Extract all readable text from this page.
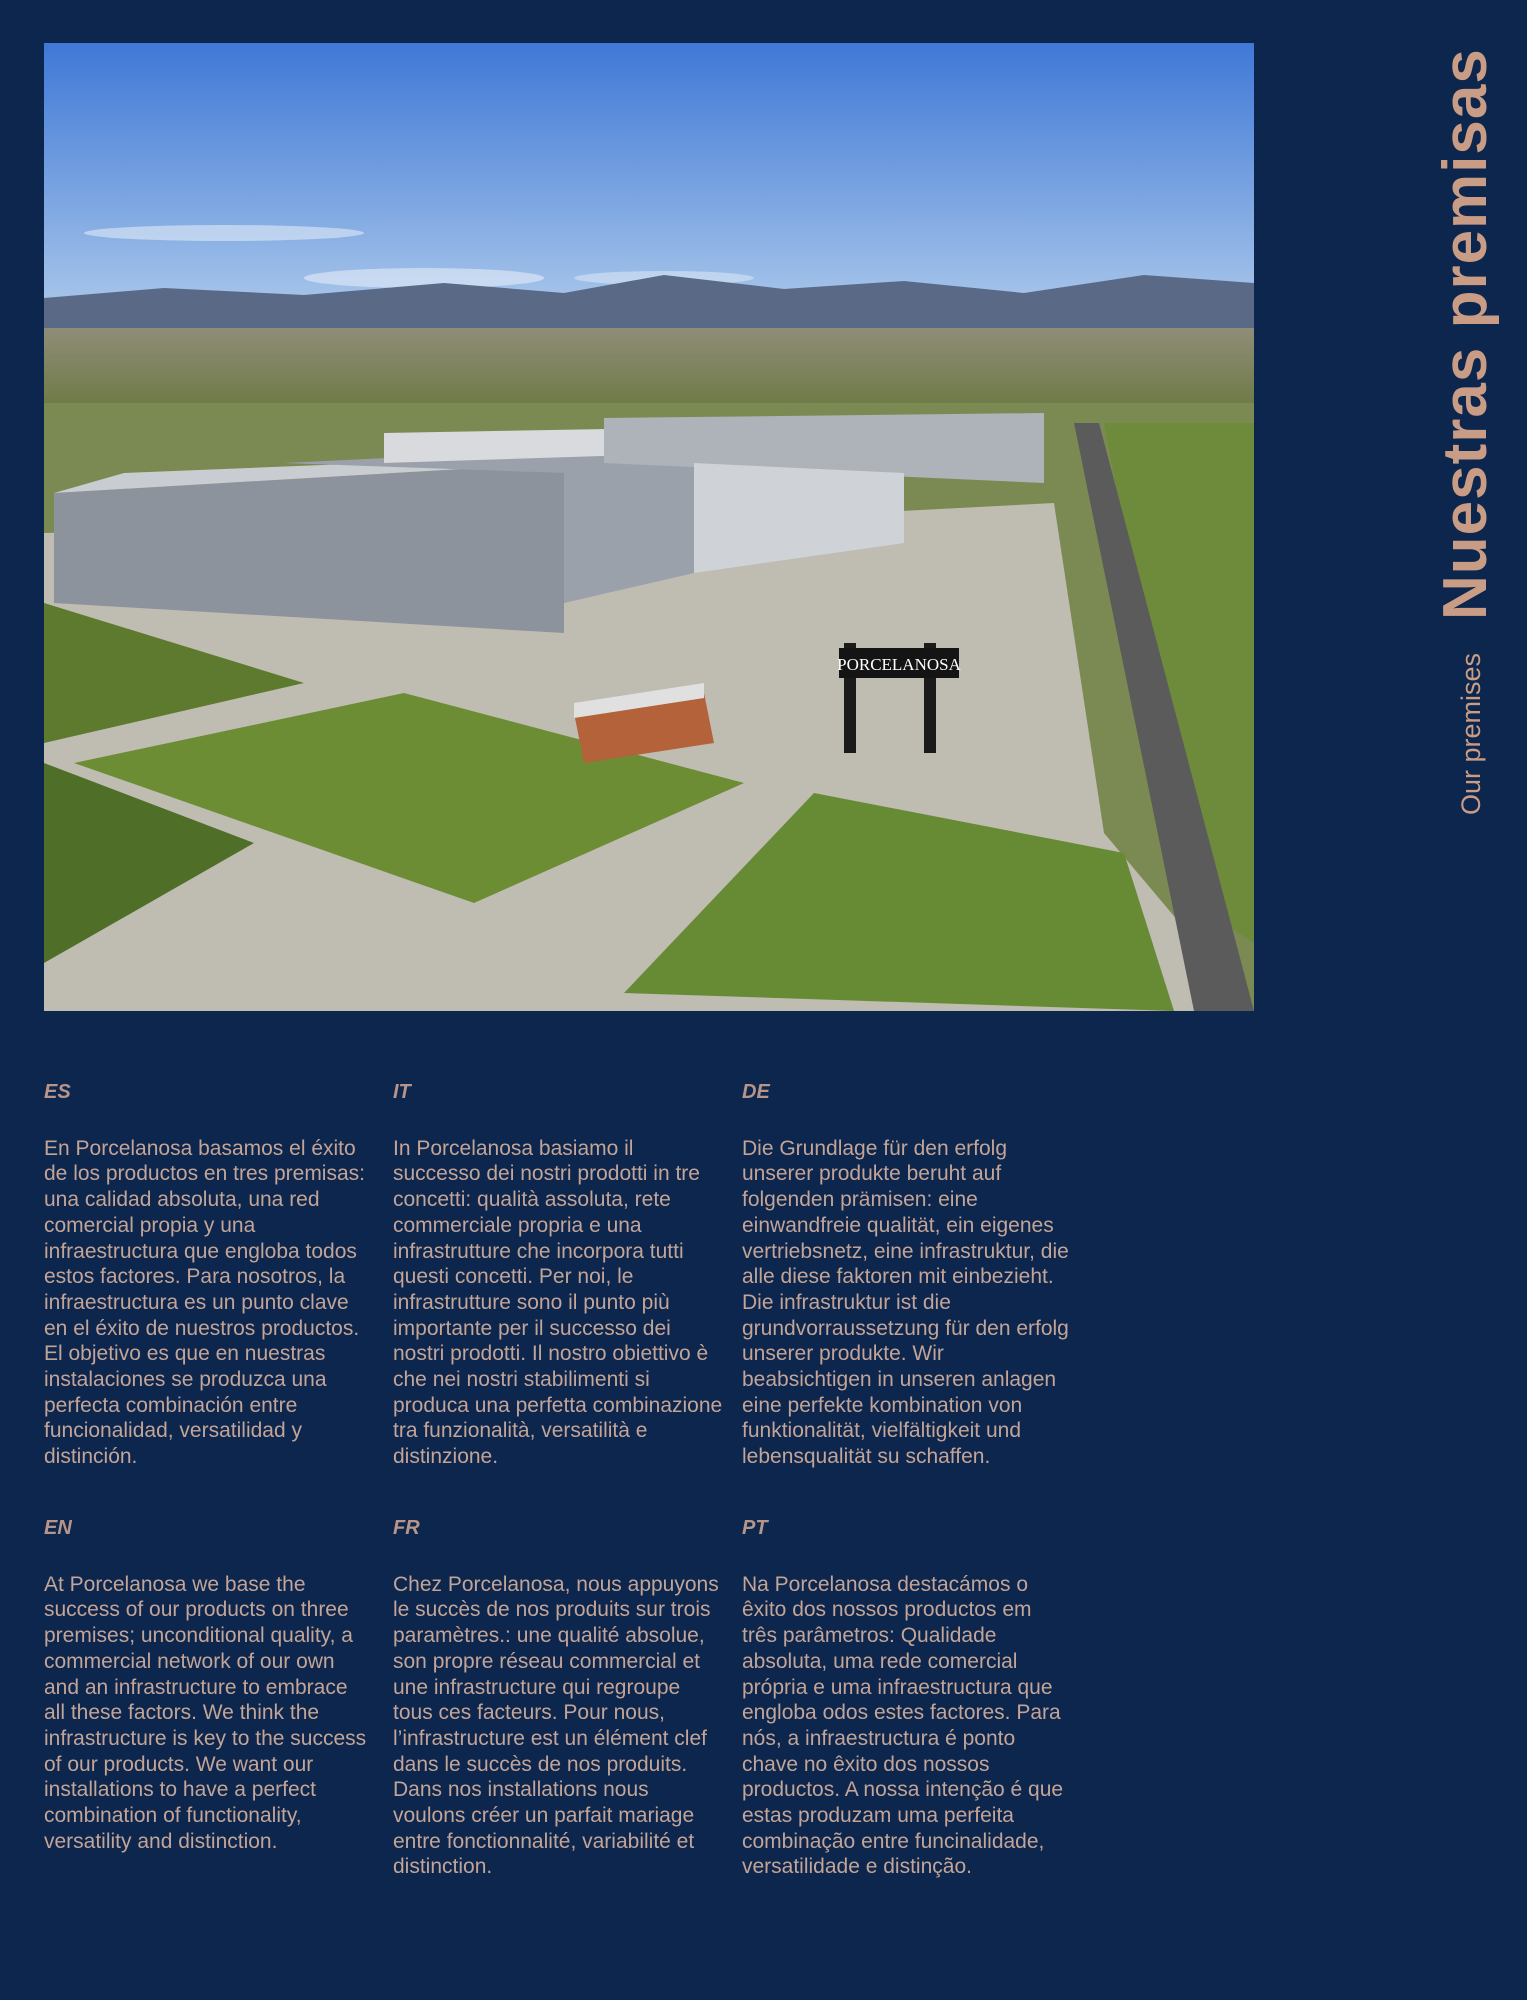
PORCELANOSA
Nuestras premisas
Our premises
ES

En Porcelanosa basamos el éxito de los productos en tres premisas: una calidad absoluta, una red comercial propia y una infraestructura que engloba todos estos factores. Para nosotros, la infraestructura es un punto clave en el éxito de nuestros productos. El objetivo es que en nuestras instalaciones se produzca una perfecta combinación entre funcionalidad, versatilidad y distinción.

IT

In Porcelanosa basiamo il successo dei nostri prodotti in tre concetti: qualità assoluta, rete commerciale propria e una infrastrutture che incorpora tutti questi concetti. Per noi, le infrastrutture sono il punto più importante per il successo dei nostri prodotti. Il nostro obiettivo è che nei nostri stabilimenti si produca una perfetta combinazione tra funzionalità, versatilità e distinzione.

DE

Die Grundlage für den erfolg unserer produkte beruht auf folgenden prämisen: eine einwandfreie qualität, ein eigenes vertriebsnetz, eine infrastruktur, die alle diese faktoren mit einbezieht. Die infrastruktur ist die grundvorraussetzung für den erfolg unserer produkte. Wir beabsichtigen in unseren anlagen eine perfekte kombination von funktionalität, vielfältigkeit und lebensqualität su schaffen.

EN

At Porcelanosa we base the success of our products on three premises; unconditional quality, a commercial network of our own and an infrastructure to embrace all these factors. We think the infrastructure is key to the success of our products. We want our installations to have a perfect combination of functionality, versatility and distinction.

FR

Chez Porcelanosa, nous appuyons le succès de nos produits sur trois paramètres.: une qualité absolue, son propre réseau commercial et une infrastructure qui regroupe tous ces facteurs. Pour nous, l’infrastructure est un élément clef dans le succès de nos produits. Dans nos installations nous voulons créer un parfait mariage entre fonctionnalité, variabilité et distinction.

PT

Na Porcelanosa destacámos o êxito dos nossos productos em três parâmetros: Qualidade absoluta, uma rede comercial própria e uma infraestructura que engloba odos estes factores. Para nós, a infraestructura é ponto chave no êxito dos nossos productos. A nossa intenção é que estas produzam uma perfeita combinação entre funcinalidade, versatilidade e distinção.
